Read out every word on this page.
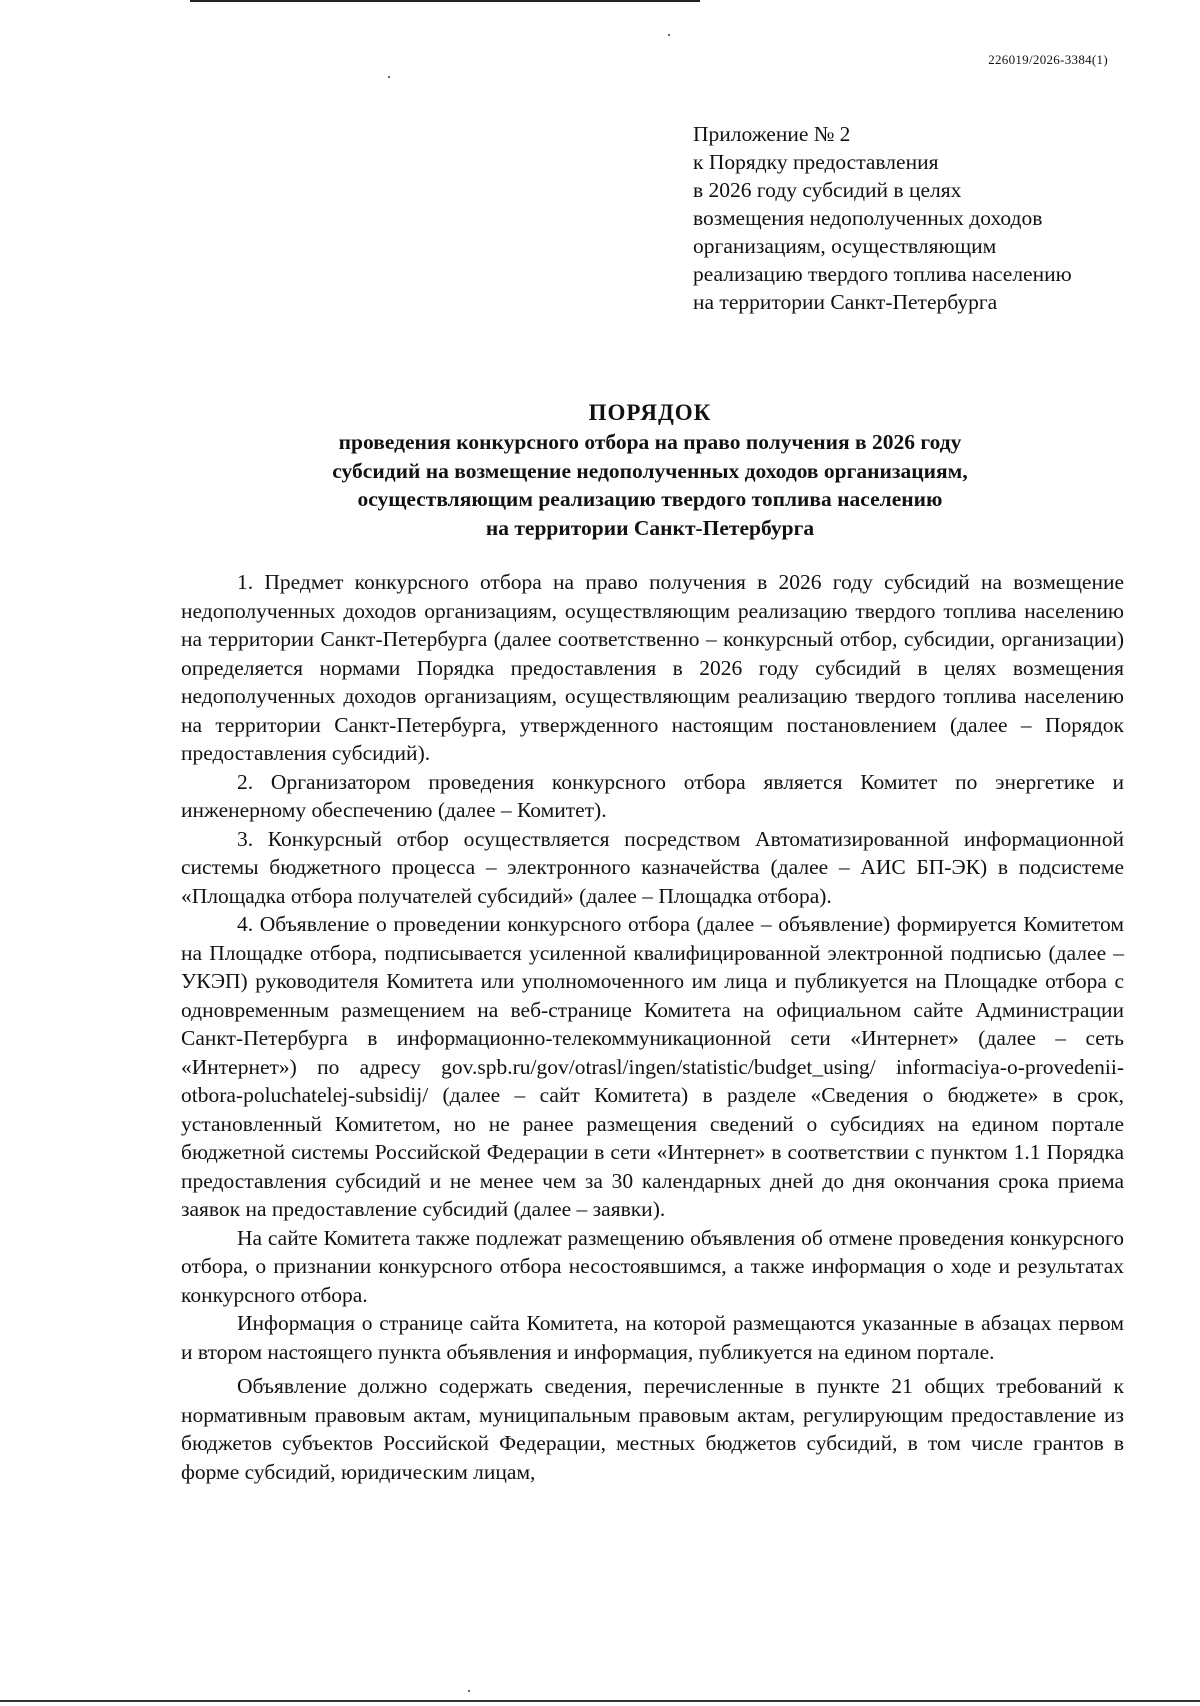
226019/2026-3384(1)
Приложение № 2
к Порядку предоставления
в 2026 году субсидий в целях
возмещения недополученных доходов
организациям, осуществляющим
реализацию твердого топлива населению
на территории Санкт-Петербурга
ПОРЯДОК
проведения конкурсного отбора на право получения в 2026 году
субсидий на возмещение недополученных доходов организациям,
осуществляющим реализацию твердого топлива населению
на территории Санкт-Петербурга

1. Предмет конкурсного отбора на право получения в 2026 году субсидий на возмещение недополученных доходов организациям, осуществляющим реализацию твердого топлива населению на территории Санкт-Петербурга (далее соответственно – конкурсный отбор, субсидии, организации) определяется нормами Порядка предоставления в 2026 году субсидий в целях возмещения недополученных доходов организациям, осуществляющим реализацию твердого топлива населению на территории Санкт-Петербурга, утвержденного настоящим постановлением (далее – Порядок предоставления субсидий).

2. Организатором проведения конкурсного отбора является Комитет по энергетике и инженерному обеспечению (далее – Комитет).

3. Конкурсный отбор осуществляется посредством Автоматизированной информационной системы бюджетного процесса – электронного казначейства (далее – АИС БП-ЭК) в подсистеме «Площадка отбора получателей субсидий» (далее – Площадка отбора).

4. Объявление о проведении конкурсного отбора (далее – объявление) формируется Комитетом на Площадке отбора, подписывается усиленной квалифицированной электронной подписью (далее – УКЭП) руководителя Комитета или уполномоченного им лица и публикуется на Площадке отбора с одновременным размещением на веб-странице Комитета на официальном сайте Администрации Санкт-Петербурга в информационно-телекоммуникационной сети «Интернет» (далее – сеть «Интернет») по адресу gov.spb.ru/gov/otrasl/ingen/statistic/budget_using/ informaciya-o-provedenii-otbora-poluchatelej-subsidij/ (далее – сайт Комитета) в разделе «Сведения о бюджете» в срок, установленный Комитетом, но не ранее размещения сведений о субсидиях на едином портале бюджетной системы Российской Федерации в сети «Интернет» в соответствии с пунктом 1.1 Порядка предоставления субсидий и не менее чем за 30 календарных дней до дня окончания срока приема заявок на предоставление субсидий (далее – заявки).

На сайте Комитета также подлежат размещению объявления об отмене проведения конкурсного отбора, о признании конкурсного отбора несостоявшимся, а также информация о ходе и результатах конкурсного отбора.

Информация о странице сайта Комитета, на которой размещаются указанные в абзацах первом и втором настоящего пункта объявления и информация, публикуется на едином портале.

Объявление должно содержать сведения, перечисленные в пункте 21 общих требований к нормативным правовым актам, муниципальным правовым актам, регулирующим предоставление из бюджетов субъектов Российской Федерации, местных бюджетов субсидий, в том числе грантов в форме субсидий, юридическим лицам,
